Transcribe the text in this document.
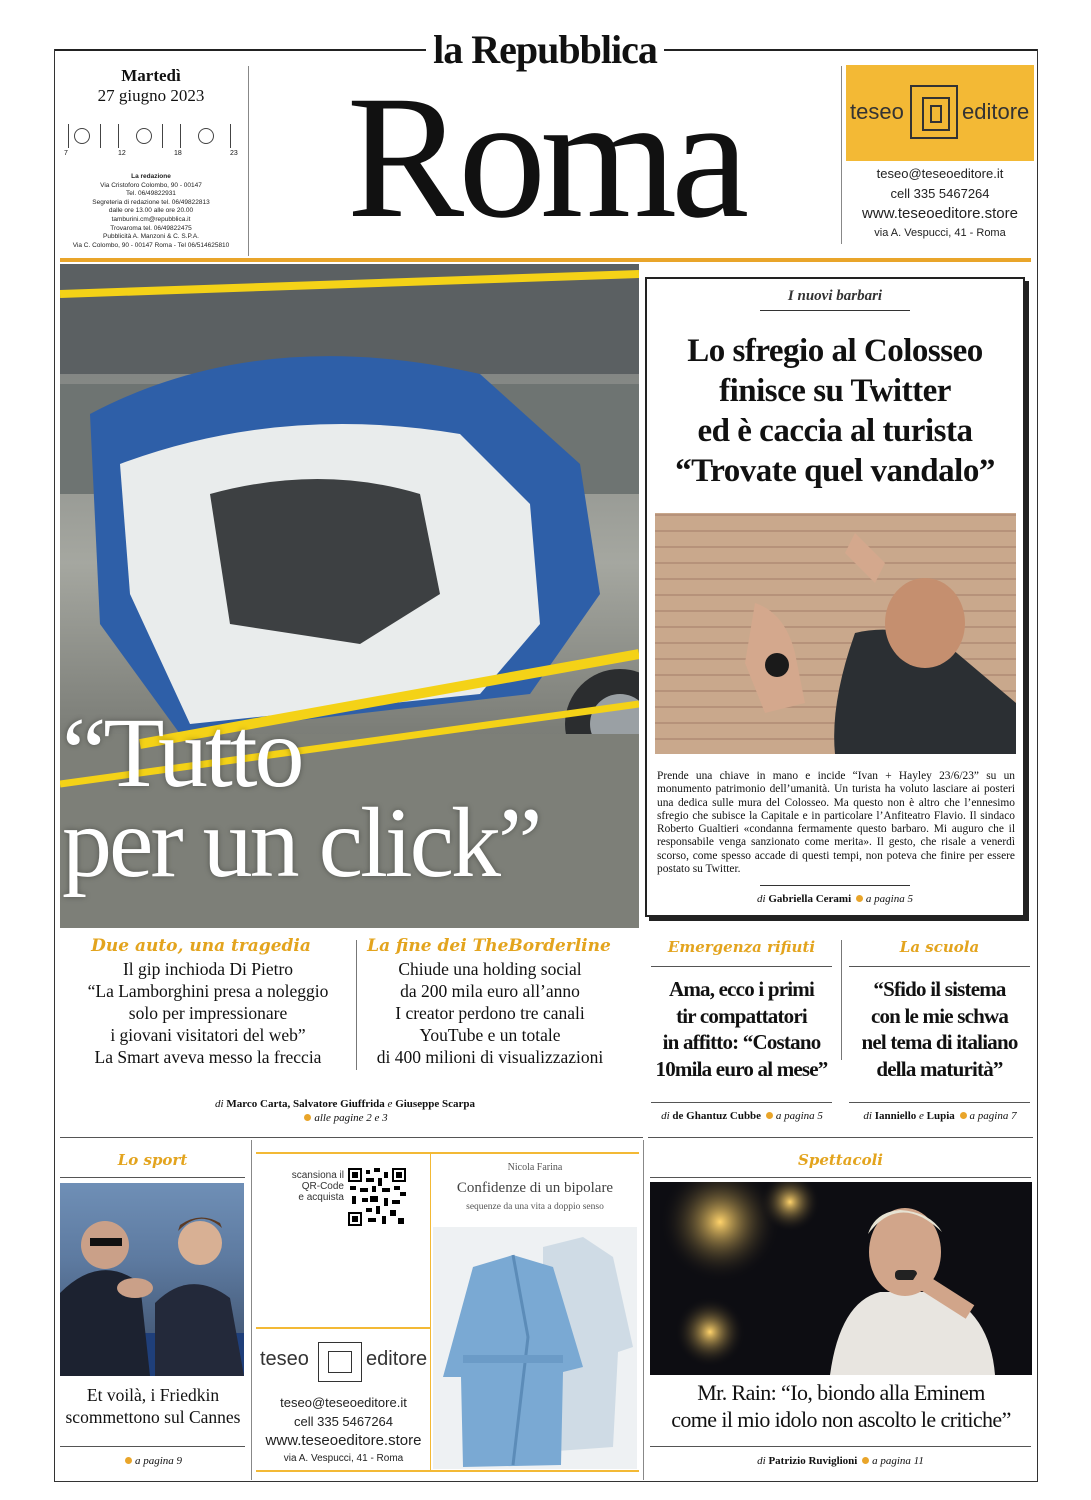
la Repubblica
Martedì
27 giugno 2023
7	12	18	23
La redazione
Via Cristoforo Colombo, 90 - 00147
Tel. 06/49822931
Segreteria di redazione tel. 06/49822813
dalle ore 13.00 alle ore 20.00
tamburini.cm@repubblica.it
Trovaroma tel. 06/49822475
Pubblicità A. Manzoni & C. S.P.A.
Via C. Colombo, 90 - 00147 Roma - Tel 06/514625810 Roma	teseo	editore
teseo@teseoeditore.it
cell 335 5467264
www.teseoeditore.store
via A. Vespucci, 41 - Roma
“Tutto
per un click”
Due auto, una tragedia
Il gip inchioda Di Pietro
“La Lamborghini presa a noleggio
solo per impressionare
i giovani visitatori del web”
La Smart aveva messo la freccia
La fine dei TheBorderline
Chiude una holding social
da 200 mila euro all’anno
I creator perdono tre canali
YouTube e un totale
di 400 milioni di visualizzazioni
di Marco Carta, Salvatore Giuffrida e Giuseppe Scarpa
alle pagine 2 e 3
I nuovi barbari
Lo sfregio al Colosseo
finisce su Twitter
ed è caccia al turista
“Trovate quel vandalo”
Prende una chiave in mano e incide “Ivan + Hayley 23/6/23” su un monumento patrimonio dell’umanità. Un turista ha voluto lasciare ai posteri una dedica sulle mura del Colosseo. Ma questo non è altro che l’ennesimo sfregio che subisce la Capitale e in particolare l’Anfiteatro Flavio. Il sindaco Roberto Gualtieri «condanna fermamente questo barbaro. Mi auguro che il responsabile venga sanzionato come merita». Il gesto, che risale a venerdì scorso, come spesso accade di questi tempi, non poteva che finire per essere postato su Twitter.
di Gabriella Cerami a pagina 5
Emergenza rifiuti
Ama, ecco i primi
tir compattatori
in affitto: “Costano
10mila euro al mese”
di de Ghantuz Cubbe a pagina 5
La scuola
“Sfido il sistema
con le mie schwa
nel tema di italiano
della maturità”
di Ianniello e Lupia a pagina 7
Lo sport
Et voilà, i Friedkin
scommettono sul Cannes
a pagina 9
scansiona il
QR-Code
e acquista
teseo	editore
teseo@teseoeditore.it
cell 335 5467264
www.teseoeditore.store
via A. Vespucci, 41 - Roma
Nicola Farina
Confidenze di un bipolare
sequenze da una vita a doppio senso
Spettacoli
Mr. Rain: “Io, biondo alla Eminem
come il mio idolo non ascolto le critiche”
di Patrizio Ruviglioni a pagina 11
